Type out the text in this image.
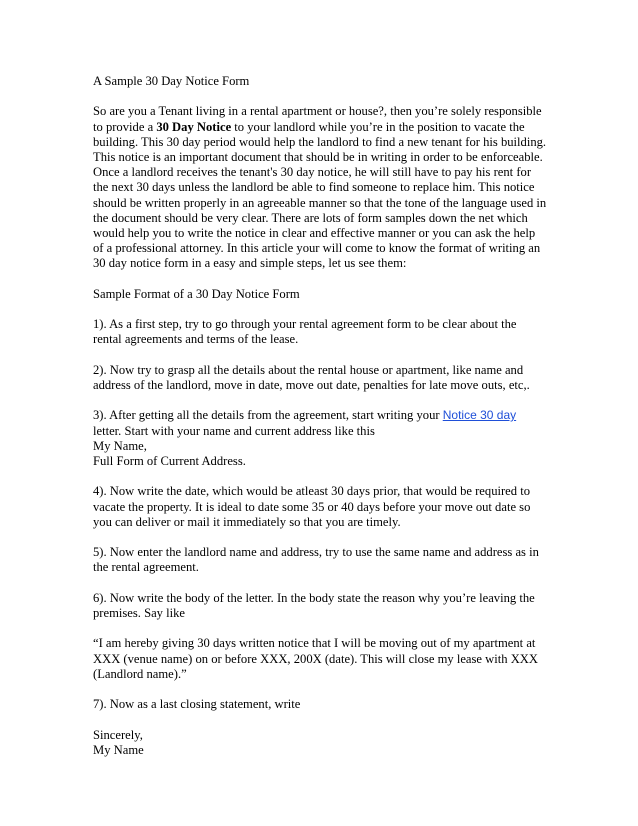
A Sample 30 Day Notice Form

So are you a Tenant living in a rental apartment or house?, then you’re solely responsible
to provide a 30 Day Notice to your landlord while you’re in the position to vacate the
building. This 30 day period would help the landlord to find a new tenant for his building.
This notice is an important document that should be in writing in order to be enforceable.
Once a landlord receives the tenant's 30 day notice, he will still have to pay his rent for
the next 30 days unless the landlord be able to find someone to replace him. This notice
should be written properly in an agreeable manner so that the tone of the language used in
the document should be very clear. There are lots of form samples down the net which
would help you to write the notice in clear and effective manner or you can ask the help
of a professional attorney. In this article your will come to know the format of writing an
30 day notice form in a easy and simple steps, let us see them:

Sample Format of a 30 Day Notice Form

1). As a first step, try to go through your rental agreement form to be clear about the
rental agreements and terms of the lease.

2). Now try to grasp all the details about the rental house or apartment, like name and
address of the landlord, move in date, move out date, penalties for late move outs, etc,.

3). After getting all the details from the agreement, start writing your Notice 30 day
letter. Start with your name and current address like this
My Name,
Full Form of Current Address.

4). Now write the date, which would be atleast 30 days prior, that would be required to
vacate the property. It is ideal to date some 35 or 40 days before your move out date so
you can deliver or mail it immediately so that you are timely.

5). Now enter the landlord name and address, try to use the same name and address as in
the rental agreement.

6). Now write the body of the letter. In the body state the reason why you’re leaving the
premises. Say like

“I am hereby giving 30 days written notice that I will be moving out of my apartment at
XXX (venue name) on or before XXX, 200X (date). This will close my lease with XXX
(Landlord name).”

7). Now as a last closing statement, write

Sincerely,
My Name
